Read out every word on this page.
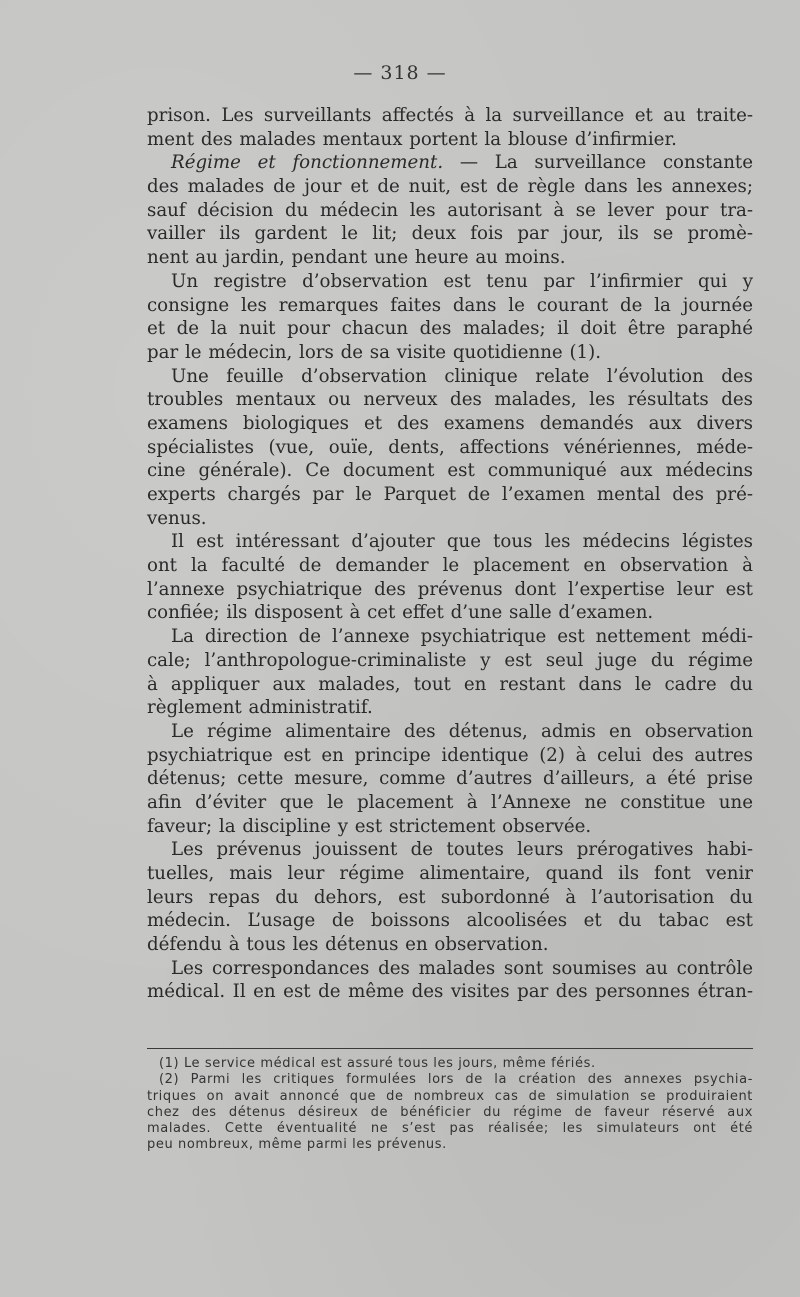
— 318 —
prison. Les surveillants affectés à la surveillance et au traite-
ment des malades mentaux portent la blouse d’infirmier.
Régime et fonctionnement. — La surveillance constante
des malades de jour et de nuit, est de règle dans les annexes;
sauf décision du médecin les autorisant à se lever pour tra-
vailler ils gardent le lit; deux fois par jour, ils se promè-
nent au jardin, pendant une heure au moins.
Un registre d’observation est tenu par l’infirmier qui y
consigne les remarques faites dans le courant de la journée
et de la nuit pour chacun des malades; il doit être paraphé
par le médecin, lors de sa visite quotidienne (1).
Une feuille d’observation clinique relate l’évolution des
troubles mentaux ou nerveux des malades, les résultats des
examens biologiques et des examens demandés aux divers
spécialistes (vue, ouïe, dents, affections vénériennes, méde-
cine générale). Ce document est communiqué aux médecins
experts chargés par le Parquet de l’examen mental des pré-
venus.
Il est intéressant d’ajouter que tous les médecins légistes
ont la faculté de demander le placement en observation à
l’annexe psychiatrique des prévenus dont l’expertise leur est
confiée; ils disposent à cet effet d’une salle d’examen.
La direction de l’annexe psychiatrique est nettement médi-
cale; l’anthropologue-criminaliste y est seul juge du régime
à appliquer aux malades, tout en restant dans le cadre du
règlement administratif.
Le régime alimentaire des détenus, admis en observation
psychiatrique est en principe identique (2) à celui des autres
détenus; cette mesure, comme d’autres d’ailleurs, a été prise
afin d’éviter que le placement à l’Annexe ne constitue une
faveur; la discipline y est strictement observée.
Les prévenus jouissent de toutes leurs prérogatives habi-
tuelles, mais leur régime alimentaire, quand ils font venir
leurs repas du dehors, est subordonné à l’autorisation du
médecin. L’usage de boissons alcoolisées et du tabac est
défendu à tous les détenus en observation.
Les correspondances des malades sont soumises au contrôle
médical. Il en est de même des visites par des personnes étran-
(1) Le service médical est assuré tous les jours, même fériés.
(2) Parmi les critiques formulées lors de la création des annexes psychia-
triques on avait annoncé que de nombreux cas de simulation se produiraient
chez des détenus désireux de bénéficier du régime de faveur réservé aux
malades. Cette éventualité ne s’est pas réalisée; les simulateurs ont été
peu nombreux, même parmi les prévenus.
